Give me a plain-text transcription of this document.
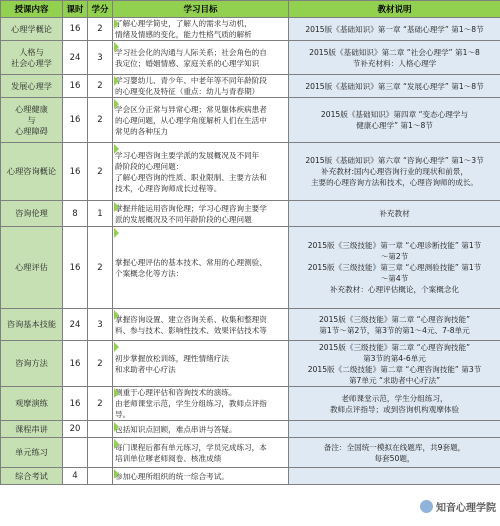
授课内容	课时	学分	学习目标	教材说明

心理学概论	16	2	了解心理学简史，了解人的需求与动机，
情绪及情感的变化，能力性格气质的解析	2015版《基础知识》第一章 “基础心理学” 第1～8节

人格与
社会心理学	24	3	学习社会化的沟通与人际关系；社会角色的自
我定位；婚姻情感、家庭关系的心理学知识	2015版《基础知识》第二章 “社会心理学” 第1～8
节补充材料：人格心理学

发展心理学	16	2	学习婴幼儿、青少年、中老年等不同年龄阶段
的心理变化及特征（重点：幼儿与青春期）	2015版《基础知识》第三章 “发展心理学” 第1～8节

心理健康
与
心理障碍	16	2	学会区分正常与异常心理；常见躯体疾病患者
的心理问题，从心理学角度解析人们在生活中
常见的各种压力	2015版《基础知识》第四章 “变态心理学与
健康心理学” 第1～8节

心理咨询概论	16	2	学习心理咨询主要学派的发展概况及不同年
龄阶段的心理问题：
了解心理咨询的性质、职业限制、主要方法和
技术，心理咨询师成长过程等。	2015版《基础知识》第六章 “咨询心理学” 第1～3节
补充教材:国内心理咨询行业的现状和前景，
主要的心理咨询方法和技术，心理咨询师的成长。

咨询伦理	8	1	掌握并能运用咨询伦理；学习心理咨询主要学
派的发展概况及不同年龄阶段的心理问题	补充教材

心理评估	16	2	掌握心理评估的基本技术、常用的心理测验、
个案概念化等方法：	2015版《三级技能》第一章 “心理诊断技能” 第1节
～第2节
2015版《三级技能》第三章 “心理测验技能” 第1节
～第4节
补充教材：心理评估概论，个案概念化

咨询基本技能	24	3	掌握咨询设置、建立咨询关系、收集和整理资
料、参与技术、影响性技术、效果评估技术等	2015版《三级技能》第二章 “心理咨询技能”
第1节～第2节，第3节的第1～4元、7-8单元

咨询方法	16	2	初步掌握放松训练，理性情绪疗法
和求助者中心疗法	2015版《三级技能》第二章 “心理咨询技能”
第3节的第4-6单元
2015版《二级技能》第二章 “心理咨询技能” 第3节
第7单元 “求助者中心疗法”

观摩演练	16	2	侧重于心理评估和咨询技术的演练。
由老师课堂示范，学生分组练习，教师点评指
导。	老师课堂示范，学生分组练习，
教师点评指导；或到咨询机构观摩体验

课程串讲	20		包括知识点回顾，难点串讲与答疑。	

单元练习			每门课程后都有单元练习，学员完成练习，本
培训单位嗲老师阅卷、核准成绩	备注：全国统一模拟在线题库，共9套题，
每套50题，

综合考试	4		参加心理所组织的统一综合考试。	

知音心理学院
